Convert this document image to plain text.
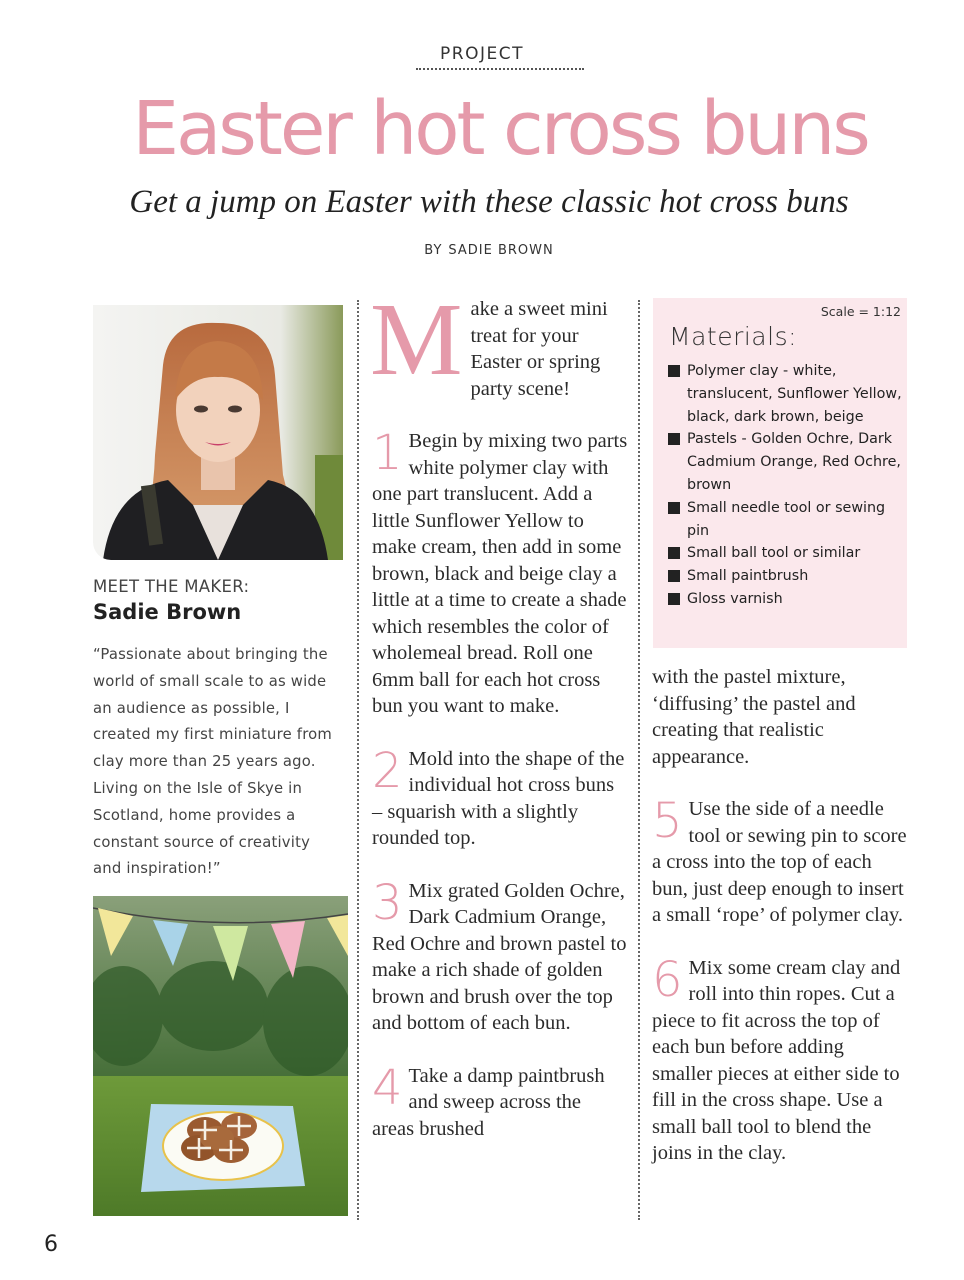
PROJECT
Easter hot cross buns
Get a jump on Easter with these classic hot cross buns
BY SADIE BROWN
MEET THE MAKER:
Sadie Brown

“Passionate about bringing the world of small scale to as wide an audience as possible, I created my first miniature from clay more than 25 years ago. Living on the Isle of Skye in Scotland, home provides a constant source of creativity and inspiration!”

Make a sweet mini treat for your Easter or spring party scene!

1 Begin by mixing two parts white polymer clay with one part translucent. Add a little Sunflower Yellow to make cream, then add in some brown, black and beige clay a little at a time to create a shade which resembles the color of wholemeal bread. Roll one 6mm ball for each hot cross bun you want to make.

2 Mold into the shape of the individual hot cross buns – squarish with a slightly rounded top.

3 Mix grated Golden Ochre, Dark Cadmium Orange, Red Ochre and brown pastel to make a rich shade of golden brown and brush over the top and bottom of each bun.

4 Take a damp paintbrush and sweep across the areas brushed

Scale = 1:12
Materials:
Polymer clay - white, translucent, Sunflower Yellow, black, dark brown, beige
Pastels - Golden Ochre, Dark Cadmium Orange, Red Ochre, brown
Small needle tool or sewing pin
Small ball tool or similar
Small paintbrush
Gloss varnish

with the pastel mixture, ‘diffusing’ the pastel and creating that realistic appearance.

5 Use the side of a needle tool or sewing pin to score a cross into the top of each bun, just deep enough to insert a small ‘rope’ of polymer clay.

6 Mix some cream clay and roll into thin ropes. Cut a piece to fit across the top of each bun before adding smaller pieces at either side to fill in the cross shape. Use a small ball tool to blend the joins in the clay.

6
